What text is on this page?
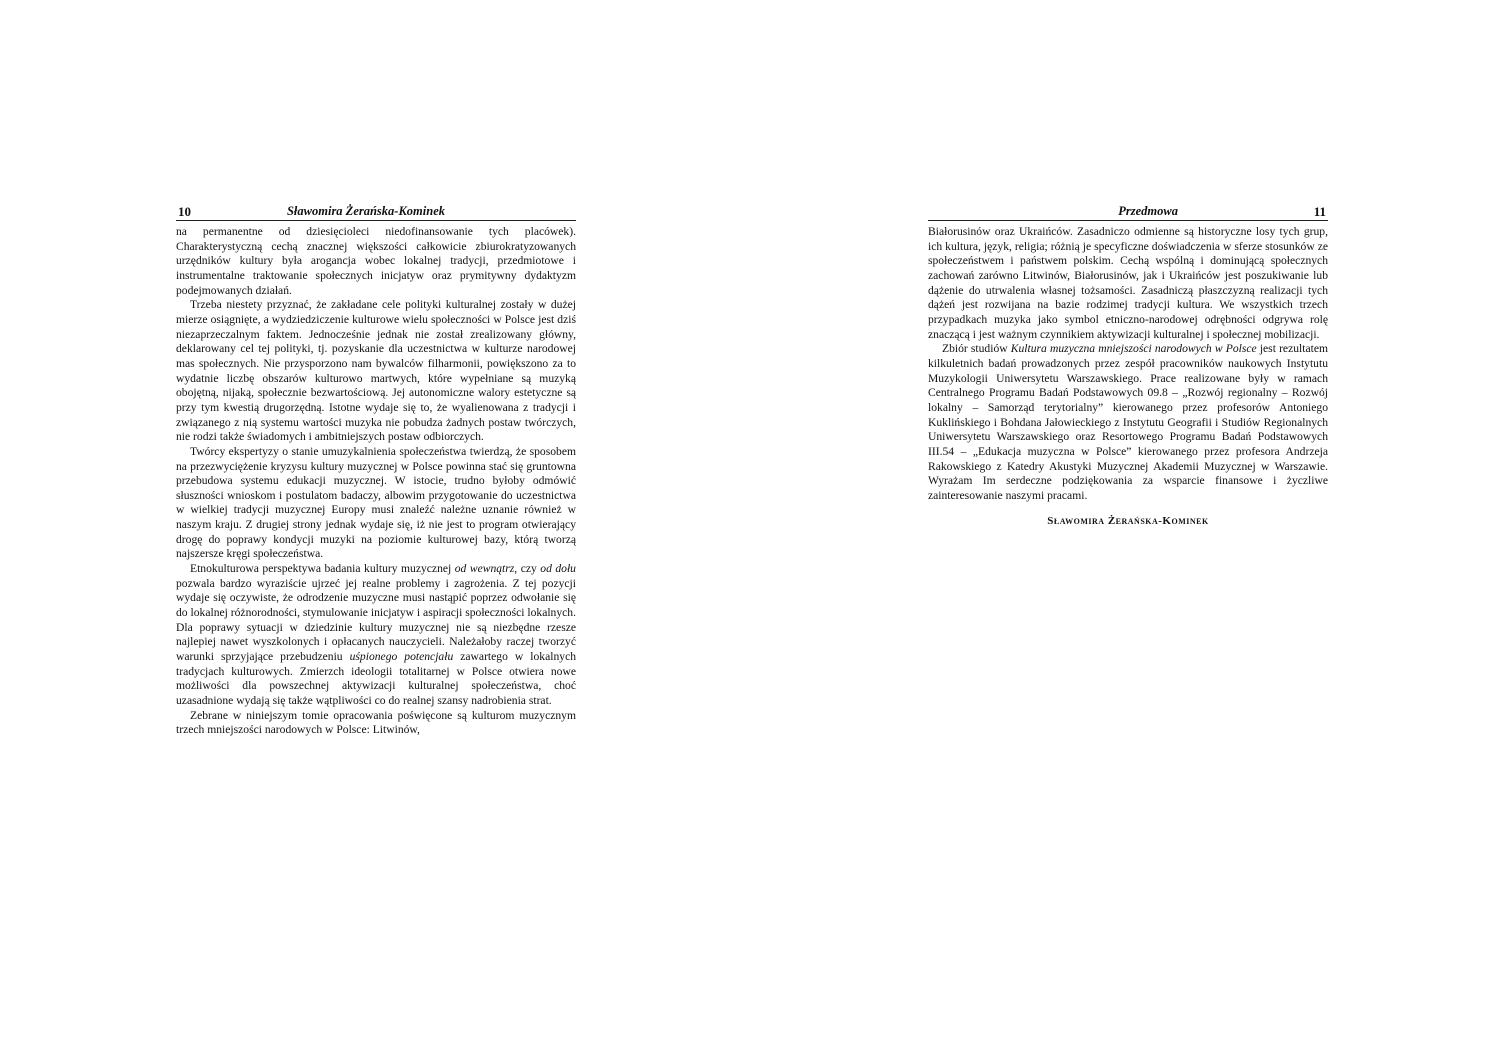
10	Sławomira Żerańska-Kominek

na permanentne od dziesięcioleci niedofinansowanie tych placówek). Charakterystyczną cechą znacznej większości całkowicie zbiurokratyzowanych urzędników kultury była arogancja wobec lokalnej tradycji, przedmiotowe i instrumentalne traktowanie społecznych inicjatyw oraz prymitywny dydaktyzm podejmowanych działań.

Trzeba niestety przyznać, że zakładane cele polityki kulturalnej zostały w dużej mierze osiągnięte, a wydziedziczenie kulturowe wielu społeczności w Polsce jest dziś niezaprzeczalnym faktem. Jednocześnie jednak nie został zrealizowany główny, deklarowany cel tej polityki, tj. pozyskanie dla uczestnictwa w kulturze narodowej mas społecznych. Nie przysporzono nam bywalców filharmonii, powiększono za to wydatnie liczbę obszarów kulturowo martwych, które wypełniane są muzyką obojętną, nijaką, społecznie bezwartościową. Jej autonomiczne walory estetyczne są przy tym kwestią drugorzędną. Istotne wydaje się to, że wyalienowana z tradycji i związanego z nią systemu wartości muzyka nie pobudza żadnych postaw twórczych, nie rodzi także świadomych i ambitniejszych postaw odbiorczych.

Twórcy ekspertyzy o stanie umuzykalnienia społeczeństwa twierdzą, że sposobem na przezwyciężenie kryzysu kultury muzycznej w Polsce powinna stać się gruntowna przebudowa systemu edukacji muzycznej. W istocie, trudno byłoby odmówić słuszności wnioskom i postulatom badaczy, albowim przygotowanie do uczestnictwa w wielkiej tradycji muzycznej Europy musi znaleźć należne uznanie również w naszym kraju. Z drugiej strony jednak wydaje się, iż nie jest to program otwierający drogę do poprawy kondycji muzyki na poziomie kulturowej bazy, którą tworzą najszersze kręgi społeczeństwa.

Etnokulturowa perspektywa badania kultury muzycznej od wewnątrz, czy od dołu pozwala bardzo wyraziście ujrzeć jej realne problemy i zagrożenia. Z tej pozycji wydaje się oczywiste, że odrodzenie muzyczne musi nastąpić poprzez odwołanie się do lokalnej różnorodności, stymulowanie inicjatyw i aspiracji społeczności lokalnych. Dla poprawy sytuacji w dziedzinie kultury muzycznej nie są niezbędne rzesze najlepiej nawet wyszkolonych i opłacanych nauczycieli. Należałoby raczej tworzyć warunki sprzyjające przebudzeniu uśpionego potencjału zawartego w lokalnych tradycjach kulturowych. Zmierzch ideologii totalitarnej w Polsce otwiera nowe możliwości dla powszechnej aktywizacji kulturalnej społeczeństwa, choć uzasadnione wydają się także wątpliwości co do realnej szansy nadrobienia strat.

Zebrane w niniejszym tomie opracowania poświęcone są kulturom muzycznym trzech mniejszości narodowych w Polsce: Litwinów,

Przedmowa	11

Białorusinów oraz Ukraińców. Zasadniczo odmienne są historyczne losy tych grup, ich kultura, język, religia; różnią je specyficzne doświadczenia w sferze stosunków ze społeczeństwem i państwem polskim. Cechą wspólną i dominującą społecznych zachowań zarówno Litwinów, Białorusinów, jak i Ukraińców jest poszukiwanie lub dążenie do utrwalenia własnej tożsamości. Zasadniczą płaszczyzną realizacji tych dążeń jest rozwijana na bazie rodzimej tradycji kultura. We wszystkich trzech przypadkach muzyka jako symbol etniczno-narodowej odrębności odgrywa rolę znaczącą i jest ważnym czynnikiem aktywizacji kulturalnej i społecznej mobilizacji.

Zbiór studiów Kultura muzyczna mniejszości narodowych w Polsce jest rezultatem kilkuletnich badań prowadzonych przez zespół pracowników naukowych Instytutu Muzykologii Uniwersytetu Warszawskiego. Prace realizowane były w ramach Centralnego Programu Badań Podstawowych 09.8 – „Rozwój regionalny – Rozwój lokalny – Samorząd terytorialny” kierowanego przez profesorów Antoniego Kuklińskiego i Bohdana Jałowieckiego z Instytutu Geografii i Studiów Regionalnych Uniwersytetu Warszawskiego oraz Resortowego Programu Badań Podstawowych III.54 – „Edukacja muzyczna w Polsce” kierowanego przez profesora Andrzeja Rakowskiego z Katedry Akustyki Muzycznej Akademii Muzycznej w Warszawie. Wyrażam Im serdeczne podziękowania za wsparcie finansowe i życzliwe zainteresowanie naszymi pracami.

Sławomira Żerańska-Kominek
